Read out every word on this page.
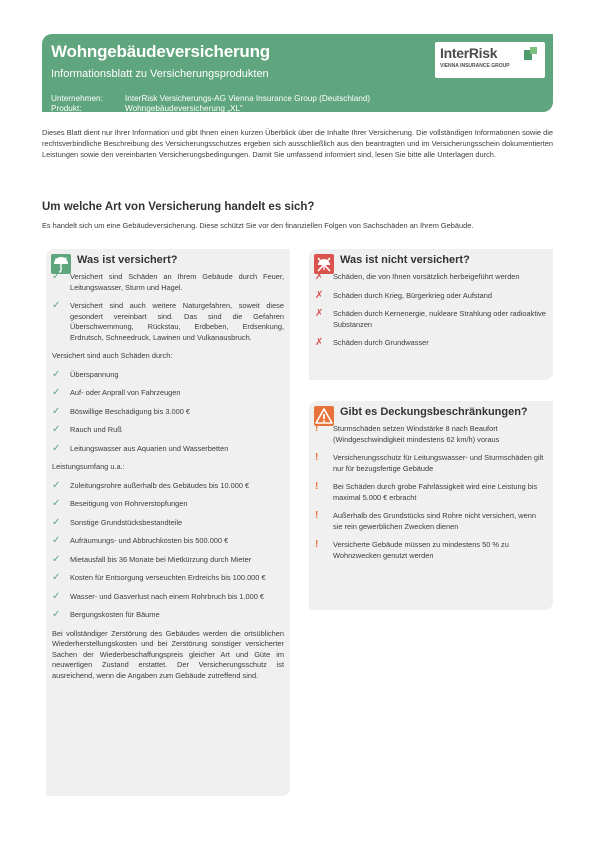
Wohngebäudeversicherung
Informationsblatt zu Versicherungsprodukten
Unternehmen:	InterRisk Versicherungs-AG Vienna Insurance Group (Deutschland)
Produkt:	Wohngebäudeversicherung „XL“
InterRisk
VIENNA INSURANCE GROUP

Dieses Blatt dient nur Ihrer Information und gibt Ihnen einen kurzen Überblick über die Inhalte Ihrer Versicherung. Die vollständigen Informationen sowie die rechtsverbindliche Beschreibung des Versicherungsschutzes ergeben sich ausschließlich aus den beantragten und im Versicherungsschein dokumentierten Leistungen sowie den vereinbarten Versicherungsbedingungen. Damit Sie umfassend informiert sind, lesen Sie bitte alle Unterlagen durch.

Um welche Art von Versicherung handelt es sich?
Es handelt sich um eine Gebäudeversicherung. Diese schützt Sie vor den finanziellen Folgen von Sachschäden an Ihrem Gebäude.
Was ist versichert?
✓ Versichert sind Schäden an Ihrem Gebäude durch Feuer, Leitungswasser, Sturm und Hagel.
✓ Versichert sind auch weitere Naturgefahren, soweit diese gesondert vereinbart sind. Das sind die Gefahren Überschwemmung, Rückstau, Erdbeben, Erdsenkung, Erdrutsch, Schneedruck, Lawinen und Vulkanausbruch.
Versichert sind auch Schäden durch:
✓ Überspannung
✓ Auf- oder Anprall von Fahrzeugen
✓ Böswillige Beschädigung bis 3.000 €
✓ Rauch und Ruß
✓ Leitungswasser aus Aquarien und Wasserbetten
Leistungsumfang u.a.:
✓ Zuleitungsrohre außerhalb des Gebäudes bis 10.000 €
✓ Beseitigung von Rohrverstopfungen
✓ Sonstige Grundstücksbestandteile
✓ Aufräumungs- und Abbruchkosten bis 500.000 €
✓ Mietausfall bis 36 Monate bei Mietkürzung durch Mieter
✓ Kosten für Entsorgung verseuchten Erdreichs bis 100.000 €
✓ Wasser- und Gasverlust nach einem Rohrbruch bis 1.000 €
✓ Bergungskosten für Bäume
Bei vollständiger Zerstörung des Gebäudes werden die ortsüblichen Wiederherstellungskosten und bei Zerstörung sonstiger versicherter Sachen der Wiederbeschaffungspreis gleicher Art und Güte im neuwertigen Zustand erstattet. Der Versicherungsschutz ist ausreichend, wenn die Angaben zum Gebäude zutreffend sind.
Was ist nicht versichert?
✗ Schäden, die von Ihnen vorsätzlich herbeigeführt werden
✗ Schäden durch Krieg, Bürgerkrieg oder Aufstand
✗ Schäden durch Kernenergie, nukleare Strahlung oder radioaktive Substanzen
✗ Schäden durch Grundwasser
Gibt es Deckungsbeschränkungen?
! Sturmschäden setzen Windstärke 8 nach Beaufort (Windgeschwindigkeit mindestens 62 km/h) voraus
! Versicherungsschutz für Leitungswasser- und Sturmschäden gilt nur für bezugsfertige Gebäude
! Bei Schäden durch grobe Fahrlässigkeit wird eine Leistung bis maximal 5.000 € erbracht
! Außerhalb des Grundstücks sind Rohre nicht versichert, wenn sie rein gewerblichen Zwecken dienen
! Versicherte Gebäude müssen zu mindestens 50 % zu Wohnzwecken genutzt werden
